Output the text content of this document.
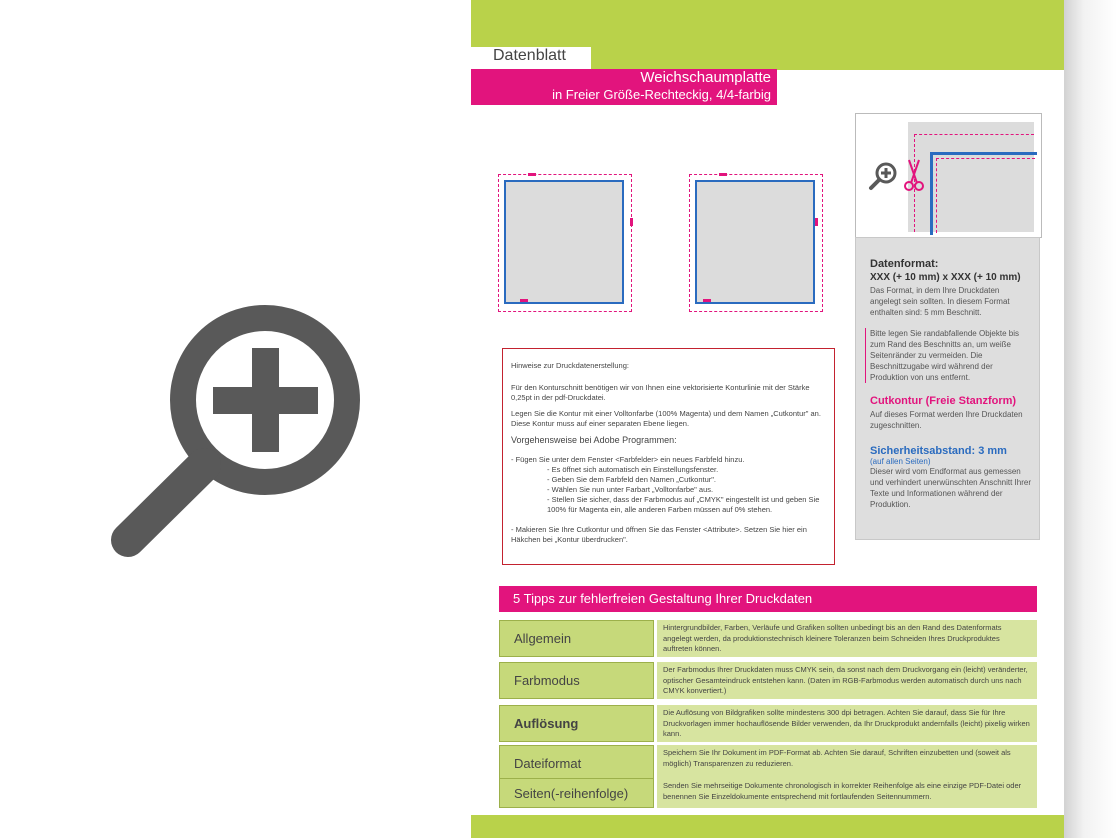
Datenblatt
Weichschaumplatte
in Freier Größe-Rechteckig, 4/4-farbig
Datenformat:
XXX (+ 10 mm) x XXX (+ 10 mm)
Das Format, in dem Ihre Druckdaten angelegt sein sollten. In diesem Format enthalten sind: 5 mm Beschnitt.
Bitte legen Sie randabfallende Objekte bis zum Rand des Beschnitts an, um weiße Seitenränder zu vermeiden. Die Beschnittzugabe wird während der Produktion von uns entfernt.
Cutkontur (Freie Stanzform)
Auf dieses Format werden Ihre Druckdaten zugeschnitten.
Sicherheitsabstand: 3 mm
(auf allen Seiten)
Dieser wird vom Endformat aus gemessen und verhindert unerwünschten Anschnitt Ihrer Texte und Informationen während der Produktion.

Hinweise zur Druckdatenerstellung:

Für den Konturschnitt benötigen wir von Ihnen eine vektorisierte Konturlinie mit der Stärke 0,25pt in der pdf-Druckdatei.

Legen Sie die Kontur mit einer Volltonfarbe (100% Magenta) und dem Namen „Cutkontur" an. Diese Kontur muss auf einer separaten Ebene liegen.

Vorgehensweise bei Adobe Programmen:

- Fügen Sie unter dem Fenster <Farbfelder> ein neues Farbfeld hinzu.

- Es öffnet sich automatisch ein Einstellungsfenster.

- Geben Sie dem Farbfeld den Namen „Cutkontur".

- Wählen Sie nun unter Farbart „Volltonfarbe" aus.

- Stellen Sie sicher, dass der Farbmodus auf „CMYK" eingestellt ist und geben Sie 100% für Magenta ein, alle anderen Farben müssen auf 0% stehen.

- Makieren Sie Ihre Cutkontur und öffnen Sie das Fenster <Attribute>. Setzen Sie hier ein Häkchen bei „Kontur überdrucken".

5 Tipps zur fehlerfreien Gestaltung Ihrer Druckdaten
Allgemein
Hintergrundbilder, Farben, Verläufe und Grafiken sollten unbedingt bis an den Rand des Datenformats angelegt werden, da produktionstechnisch kleinere Toleranzen beim Schneiden Ihres Druckproduktes auftreten können.
Farbmodus
Der Farbmodus Ihrer Druckdaten muss CMYK sein, da sonst nach dem Druckvorgang ein (leicht) veränderter, optischer Gesamteindruck entstehen kann. (Daten im RGB-Farbmodus werden automatisch durch uns nach CMYK konvertiert.)
Auflösung
Die Auflösung von Bildgrafiken sollte mindestens 300 dpi betragen. Achten Sie darauf, dass Sie für Ihre Druckvorlagen immer hochauflösende Bilder verwenden, da Ihr Druckprodukt andernfalls (leicht) pixelig wirken kann.
Dateiformat
Speichern Sie Ihr Dokument im PDF-Format ab. Achten Sie darauf, Schriften einzubetten und (soweit als möglich) Transparenzen zu reduzieren.
Seiten(-reihenfolge)	Senden Sie mehrseitige Dokumente chronologisch in korrekter Reihenfolge als eine einzige PDF-Datei oder benennen Sie Einzeldokumente entsprechend mit fortlaufenden Seitennummern.
